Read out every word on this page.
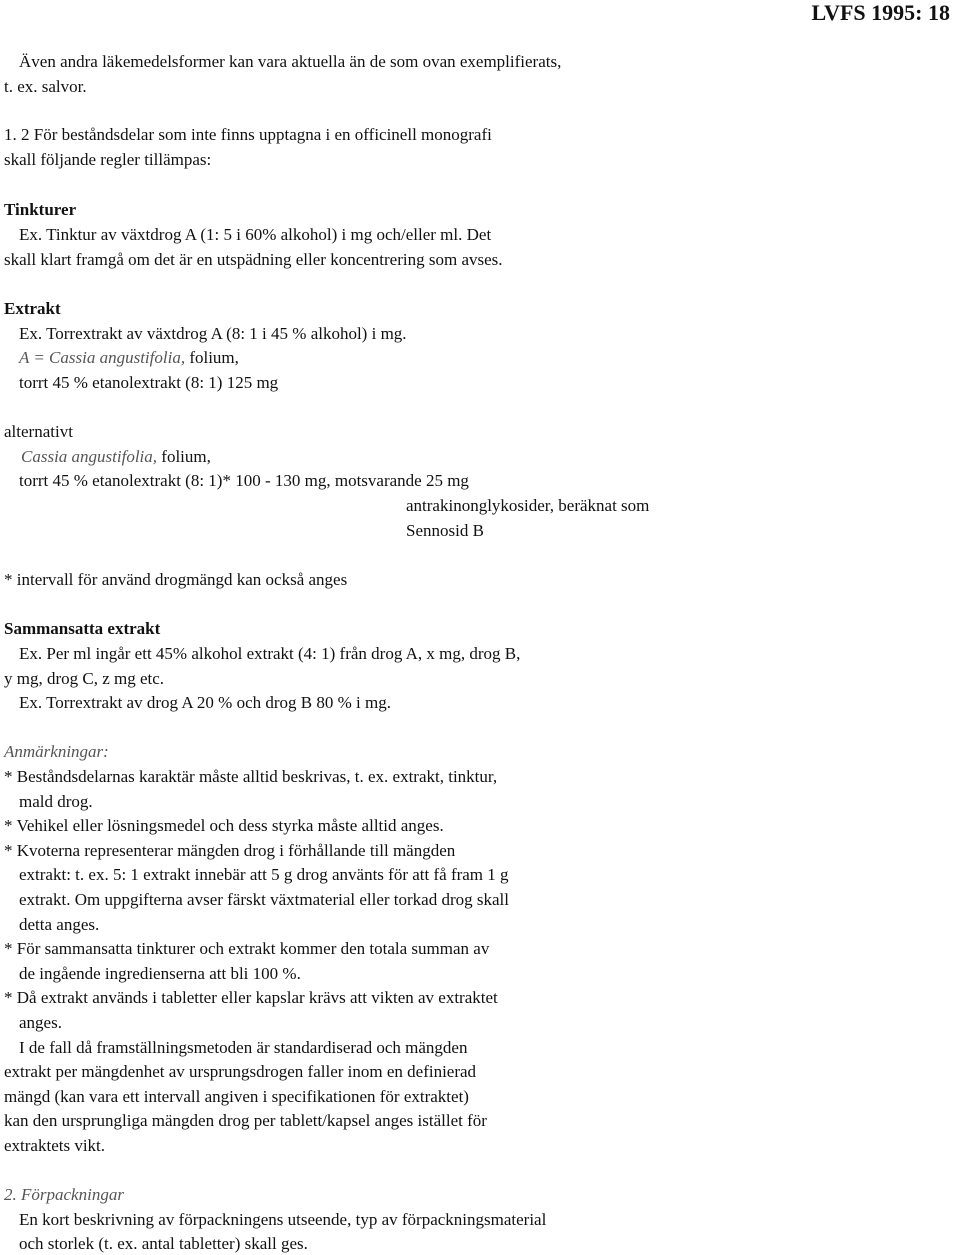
LVFS 1995: 18
Även andra läkemedelsformer kan vara aktuella än de som ovan exemplifierats,
t. ex. salvor.
1. 2 För beståndsdelar som inte finns upptagna i en officinell monografi
skall följande regler tillämpas:
Tinkturer
Ex. Tinktur av växtdrog A (1: 5 i 60% alkohol) i mg och/eller ml. Det
skall klart framgå om det är en utspädning eller koncentrering som avses.
Extrakt
Ex. Torrextrakt av växtdrog A (8: 1 i 45 % alkohol) i mg.
A = Cassia angustifolia, folium,
torrt 45 % etanolextrakt (8: 1) 125 mg
alternativt
Cassia angustifolia, folium,
torrt 45 % etanolextrakt (8: 1)* 100 - 130 mg, motsvarande 25 mg
antrakinonglykosider, beräknat som
Sennosid B
* intervall för använd drogmängd kan också anges
Sammansatta extrakt
Ex. Per ml ingår ett 45% alkohol extrakt (4: 1) från drog A, x mg, drog B,
y mg, drog C, z mg etc.
Ex. Torrextrakt av drog A 20 % och drog B 80 % i mg.
Anmärkningar:
* Beståndsdelarnas karaktär måste alltid beskrivas, t. ex. extrakt, tinktur,
mald drog.
* Vehikel eller lösningsmedel och dess styrka måste alltid anges.
* Kvoterna representerar mängden drog i förhållande till mängden
extrakt: t. ex. 5: 1 extrakt innebär att 5 g drog använts för att få fram 1 g
extrakt. Om uppgifterna avser färskt växtmaterial eller torkad drog skall
detta anges.
* För sammansatta tinkturer och extrakt kommer den totala summan av
de ingående ingredienserna att bli 100 %.
* Då extrakt används i tabletter eller kapslar krävs att vikten av extraktet
anges.
I de fall då framställningsmetoden är standardiserad och mängden
extrakt per mängdenhet av ursprungsdrogen faller inom en definierad
mängd (kan vara ett intervall angiven i specifikationen för extraktet)
kan den ursprungliga mängden drog per tablett/kapsel anges istället för
extraktets vikt.
2. Förpackningar
En kort beskrivning av förpackningens utseende, typ av förpackningsmaterial
och storlek (t. ex. antal tabletter) skall ges.
